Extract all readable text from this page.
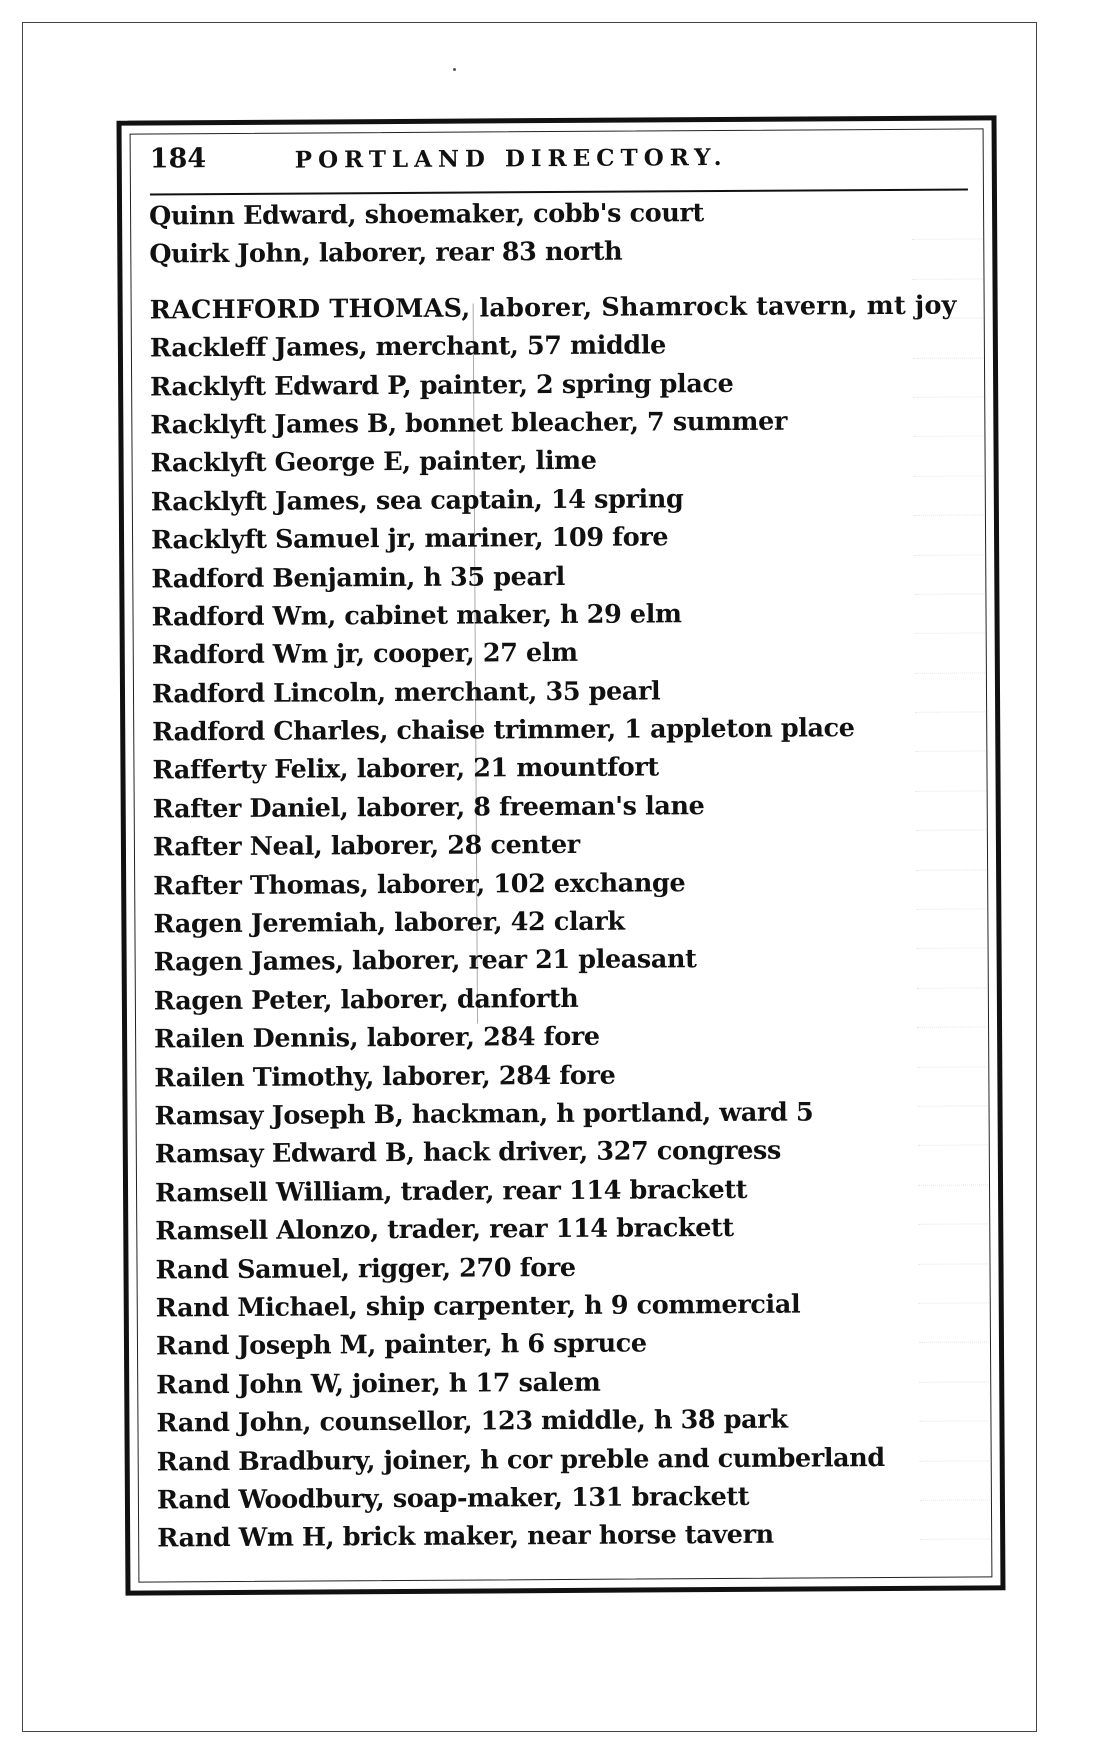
184	PORTLAND DIRECTORY.
Quinn Edward, shoemaker, cobb's court
Quirk John, laborer, rear 83 north
RACHFORD THOMAS, laborer, Shamrock tavern, mt joy
Rackleff James, merchant, 57 middle
Racklyft Edward P, painter, 2 spring place
Racklyft James B, bonnet bleacher, 7 summer
Racklyft George E, painter, lime
Racklyft James, sea captain, 14 spring
Racklyft Samuel jr, mariner, 109 fore
Radford Benjamin, h 35 pearl
Radford Wm, cabinet maker, h 29 elm
Radford Wm jr, cooper, 27 elm
Radford Lincoln, merchant, 35 pearl
Radford Charles, chaise trimmer, 1 appleton place
Rafferty Felix, laborer, 21 mountfort
Rafter Daniel, laborer, 8 freeman's lane
Rafter Neal, laborer, 28 center
Rafter Thomas, laborer, 102 exchange
Ragen Jeremiah, laborer, 42 clark
Ragen James, laborer, rear 21 pleasant
Ragen Peter, laborer, danforth
Railen Dennis, laborer, 284 fore
Railen Timothy, laborer, 284 fore
Ramsay Joseph B, hackman, h portland, ward 5
Ramsay Edward B, hack driver, 327 congress
Ramsell William, trader, rear 114 brackett
Ramsell Alonzo, trader, rear 114 brackett
Rand Samuel, rigger, 270 fore
Rand Michael, ship carpenter, h 9 commercial
Rand Joseph M, painter, h 6 spruce
Rand John W, joiner, h 17 salem
Rand John, counsellor, 123 middle, h 38 park
Rand Bradbury, joiner, h cor preble and cumberland
Rand Woodbury, soap-maker, 131 brackett
Rand Wm H, brick maker, near horse tavern
